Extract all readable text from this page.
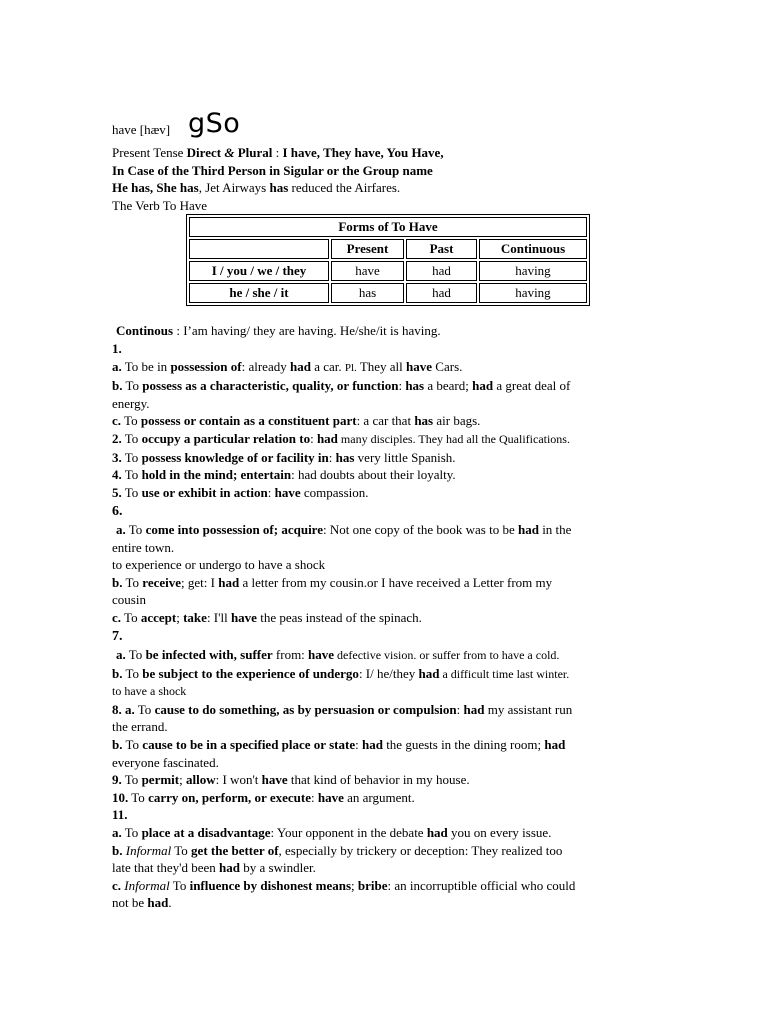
have [hæv] gSo
Present Tense Direct & Plural : I have, They have, You Have,
In Case of the Third Person in Sigular or the Group name
He has, She has, Jet Airways has reduced the Airfares.
The Verb To Have
Forms of To Have			
	Present	Past	Continuous
I / you / we / they	have	had	having
he / she / it	has	had	having
Continous : I’am having/ they are having. He/she/it is having.
1.
a. To be in possession of: already had a car. Pl. They all have Cars.
b. To possess as a characteristic, quality, or function: has a beard; had a great deal of
energy.
c. To possess or contain as a constituent part: a car that has air bags.
2. To occupy a particular relation to: had many disciples. They had all the Qualifications.
3. To possess knowledge of or facility in: has very little Spanish.
4. To hold in the mind; entertain: had doubts about their loyalty.
5. To use or exhibit in action: have compassion.
6.
a. To come into possession of; acquire: Not one copy of the book was to be had in the
entire town.
to experience or undergo to have a shock
b. To receive; get: I had a letter from my cousin.or I have received a Letter from my
cousin
c. To accept; take: I'll have the peas instead of the spinach.
7.
a. To be infected with, suffer from: have defective vision. or suffer from to have a cold.
b. To be subject to the experience of undergo: I/ he/they had a difficult time last winter.
to have a shock
8. a. To cause to do something, as by persuasion or compulsion: had my assistant run
the errand.
b. To cause to be in a specified place or state: had the guests in the dining room; had
everyone fascinated.
9. To permit; allow: I won't have that kind of behavior in my house.
10. To carry on, perform, or execute: have an argument.
11.
a. To place at a disadvantage: Your opponent in the debate had you on every issue.
b. Informal To get the better of, especially by trickery or deception: They realized too
late that they'd been had by a swindler.
c. Informal To influence by dishonest means; bribe: an incorruptible official who could
not be had.
